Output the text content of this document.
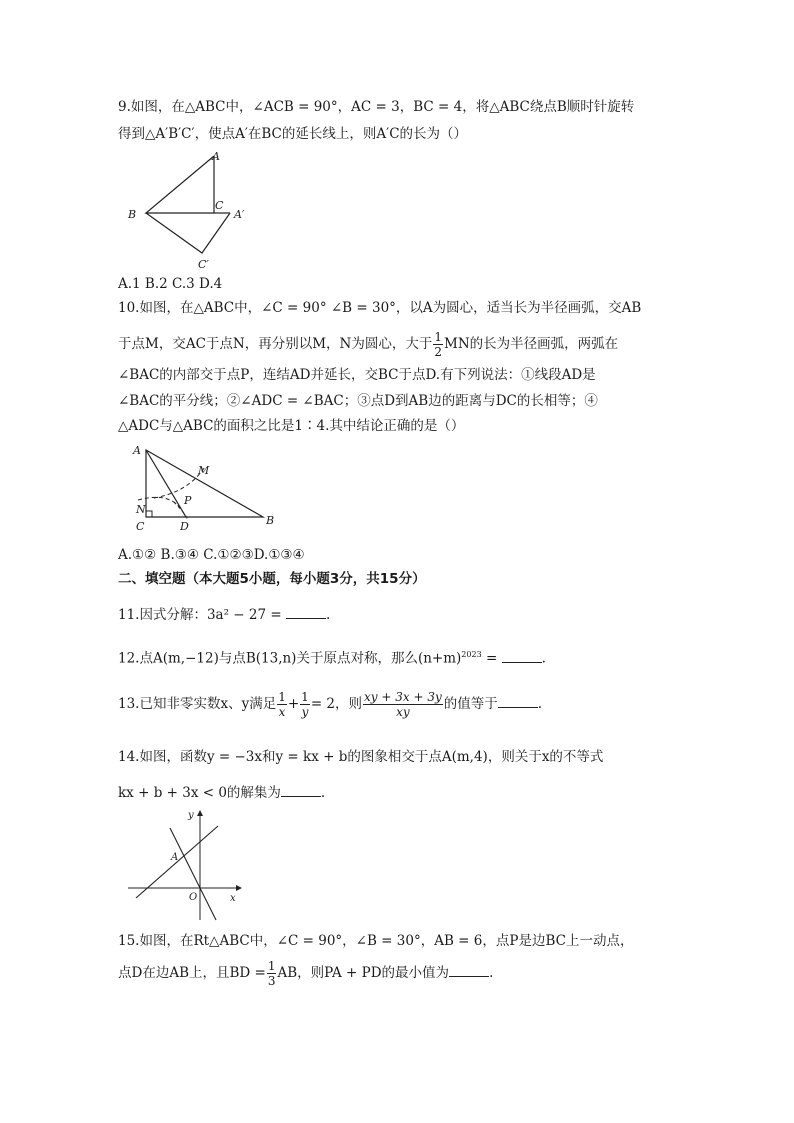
9.如图，在△ABC中，∠ACB = 90°，AC = 3，BC = 4，将△ABC绕点B顺时针旋转
得到△A′B′C′，使点A′在BC的延长线上，则A′C的长为（）
A
B
C
A′
C′
A.1 B.2 C.3 D.4
10.如图，在△ABC中，∠C = 90° ∠B = 30°，以A为圆心，适当长为半径画弧，交AB
于点M，交AC于点N，再分别以M，N为圆心，大于 $\frac{1}{2}$ MN的长为半径画弧，两弧在
∠BAC的内部交于点P，连结AD并延长，交BC于点D.有下列说法：①线段AD是
∠BAC的平分线；②∠ADC = ∠BAC；③点D到AB边的距离与DC的长相等；④
△ADC与△ABC的面积之比是1∶4.其中结论正确的是（）
A
M
N
P
C	D	B
A.①② B.③④ C.①②③D.①③④
二、填空题（本大题5小题，每小题3分，共15分）
11.因式分解：3a² − 27 =	.
12.点A(m,−12)与点B(13,n)关于原点对称，那么$(n+m)^{2023}$ =	.
13.已知非零实数x、y满足 $\frac{1}{x} + \frac{1}{y} = 2$，则 $\frac{xy + 3x + 3y}{xy}$ 的值等于	.
14.如图，函数y = −3x和y = kx + b的图象相交于点A(m,4)，则关于x的不等式
kx + b + 3x < 0的解集为	.
y
x
O
A
15.如图，在Rt△ABC中，∠C = 90°，∠B = 30°，AB = 6，点P是边BC上一动点，
点D在边AB上，且BD = $\frac{1}{3}$ AB，则PA + PD的最小值为	.
